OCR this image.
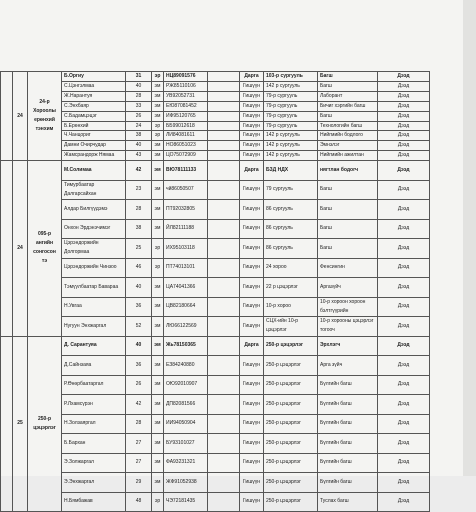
	24	24-р Хороолы ерөнхий тэнхим	Б.Оргиу	31	эр	НЦ89091576		Дарга	103-р сургууль	Багш	Дээд
			С.Цэнгэлмаа	40	эм	РЖ85110106		Гишүүн	142 р сургууль	Багш	Дээд
			Ж.Нарантуя	28	эм	УВ92052731		Гишүүн	79-р сургууль	Лаборант	Дээд
			С.Энхбаяр	33	эм	ЕЮ87081452		Гишүүн	79-р сургууль	Бичиг хэргийн багш	Дээд
			С.Бадамцэцэг	26	эм	ИФ95120765		Гишүүн	79-р сургууль	Багш	Дээд
			Б.Ерөнхий	24	эр	ББ99012618		Гишүүн	79-р сургууль	Технологийн багш	Дээд
			Ч.Чанцориг	38	эр	ЛИ84081611		Гишүүн	142 р сургууль	Нийгмийн бодлого	Дээд
			Дамни Очирчудар	40	эм	НО86051023		Гишүүн	142 р сургууль	Эмнэлэг	Дээд
			Жамсрандорж Нямаа	43	эм	ЦО75072909		Гишүүн	142 р сургууль	Нийгмийн ажилтан	Дээд
	24	095-р ангийн сонгосон тэ	М.Солимаа	42	эм	ВЮ78111133		Дарга	БЗД НДХ	нягтлан бодогч	Дээд
			Тимурбаатар Далгарсайхан	23	эм	чй86050507		Гишүүн	79 сургууль	Багш	Дээд
			Алдар Билгүүдэмэ	28	эм	ПТ92032805		Гишүүн	86 сургууль	Багш	Дээд
			Онхон Эрдэнэчимэг	38	эм	ЙЛ82111188		Гишүүн	86 сургууль	Багш	Дээд
			Цэрэндоржийн Долгормаа	25	эр	ИХ95103118		Гишүүн	86 сургууль	Багш	Дээд
			Цэрэндоржийн Чинзоо	46	эр	ПТ74013101		Гишүүн	24 хороо	Фенсингин	Дээд
			Тэмүүлбаатар Бавараа	40	эм	ЦА74041366		Гишүүн	22 р цэцэрлэг	Аргазүйч	Дээд
			Н.Увгаа	36	эм	ЦВ82180664		Гишүүн	10-р хороо	10-р хороон хороон бэлтгүүрийн	Дээд
			Нугуун Энхжаргал	52	эм	ЛЮ66122569		Гишүүн	СЦХ-ийн 10-р цэцэрлэг	10-р хорооны цэцэрлэг тогооч	Дээд
	25	250-р цэцэрлэг	Д. Сарантуяа	40	эм	Жь78150365		Дарга	250-р цэцэрлэг	Эрхлэгч	Дээд
			Д.Сайнзаяа	36	эм	ЕЗ84240880		Гишүүн	250-р цэцэрлэг	Арга зүйч	Дээд
			Р.Өнөрбаатаргал	26	эм	ОЮ92010907		Гишүүн	250-р цэцэрлэг	Бүлгийн багш	Дээд
			Р.Лхамсүрэн	42	эм	ДП82081566		Гишүүн	250-р цэцэрлэг	Бүлгийн багш	Дээд
			Н.Золзаяргал	28	эм	ИИ94050904		Гишүүн	250-р цэцэрлэг	Бүлгийн багш	Дээд
			Б.Бархан	27	эм	БУ93101027		Гишүүн	250-р цэцэрлэг	Бүлгийн багш	Дээд
			Э.Золжаргал	27	эм	ФА93231321		Гишүүн	250-р цэцэрлэг	Бүлгийн багш	Дээд
			Э.Энхжаргал	29	эм	ЖФ91052938		Гишүүн	250-р цэцэрлэг	Бүлгийн багш	Дээд
			Н.Бямбажав	48	эр	ЧЭ72181435		Гишүүн	250-р цэцэрлэг	Туслах багш	Дээд
